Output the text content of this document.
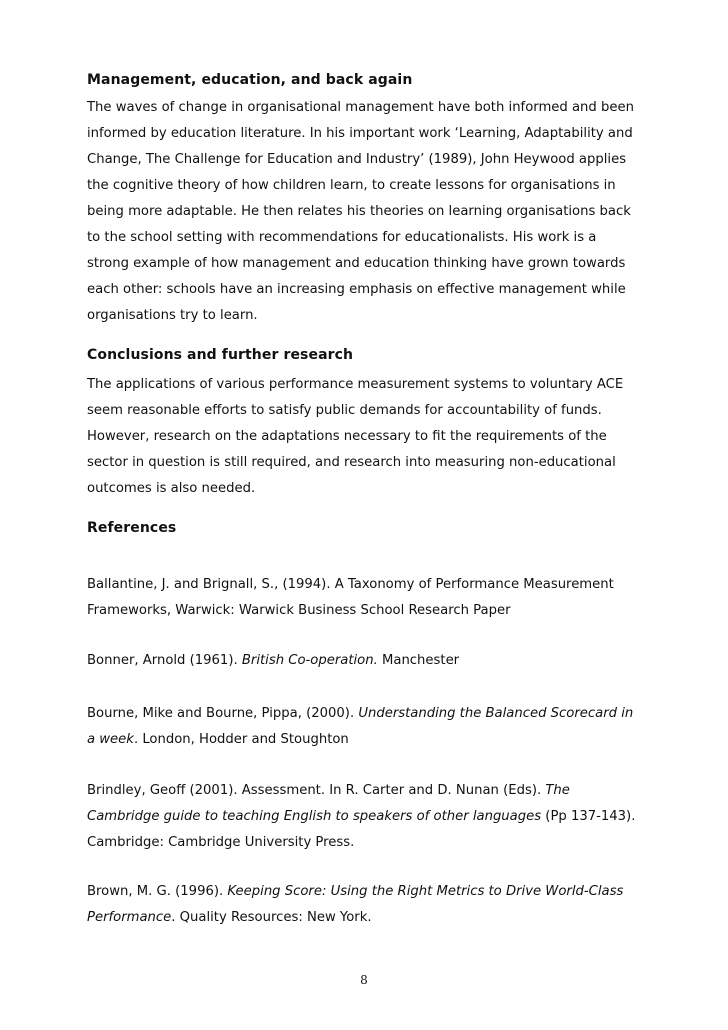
Management, education, and back again
The waves of change in organisational management have both informed and been
informed by education literature. In his important work ‘Learning, Adaptability and
Change, The Challenge for Education and Industry’ (1989), John Heywood applies
the cognitive theory of how children learn, to create lessons for organisations in
being more adaptable. He then relates his theories on learning organisations back
to the school setting with recommendations for educationalists. His work is a
strong example of how management and education thinking have grown towards
each other: schools have an increasing emphasis on effective management while
organisations try to learn.
Conclusions and further research
The applications of various performance measurement systems to voluntary ACE
seem reasonable efforts to satisfy public demands for accountability of funds.
However, research on the adaptations necessary to fit the requirements of the
sector in question is still required, and research into measuring non-educational
outcomes is also needed.
References
Ballantine, J. and Brignall, S., (1994). A Taxonomy of Performance Measurement
Frameworks, Warwick: Warwick Business School Research Paper
Bonner, Arnold (1961). British Co-operation. Manchester
Bourne, Mike and Bourne, Pippa, (2000). Understanding the Balanced Scorecard in
a week. London, Hodder and Stoughton
Brindley, Geoff (2001). Assessment. In R. Carter and D. Nunan (Eds). The
Cambridge guide to teaching English to speakers of other languages (Pp 137-143).
Cambridge: Cambridge University Press.
Brown, M. G. (1996). Keeping Score: Using the Right Metrics to Drive World-Class
Performance. Quality Resources: New York.
8
